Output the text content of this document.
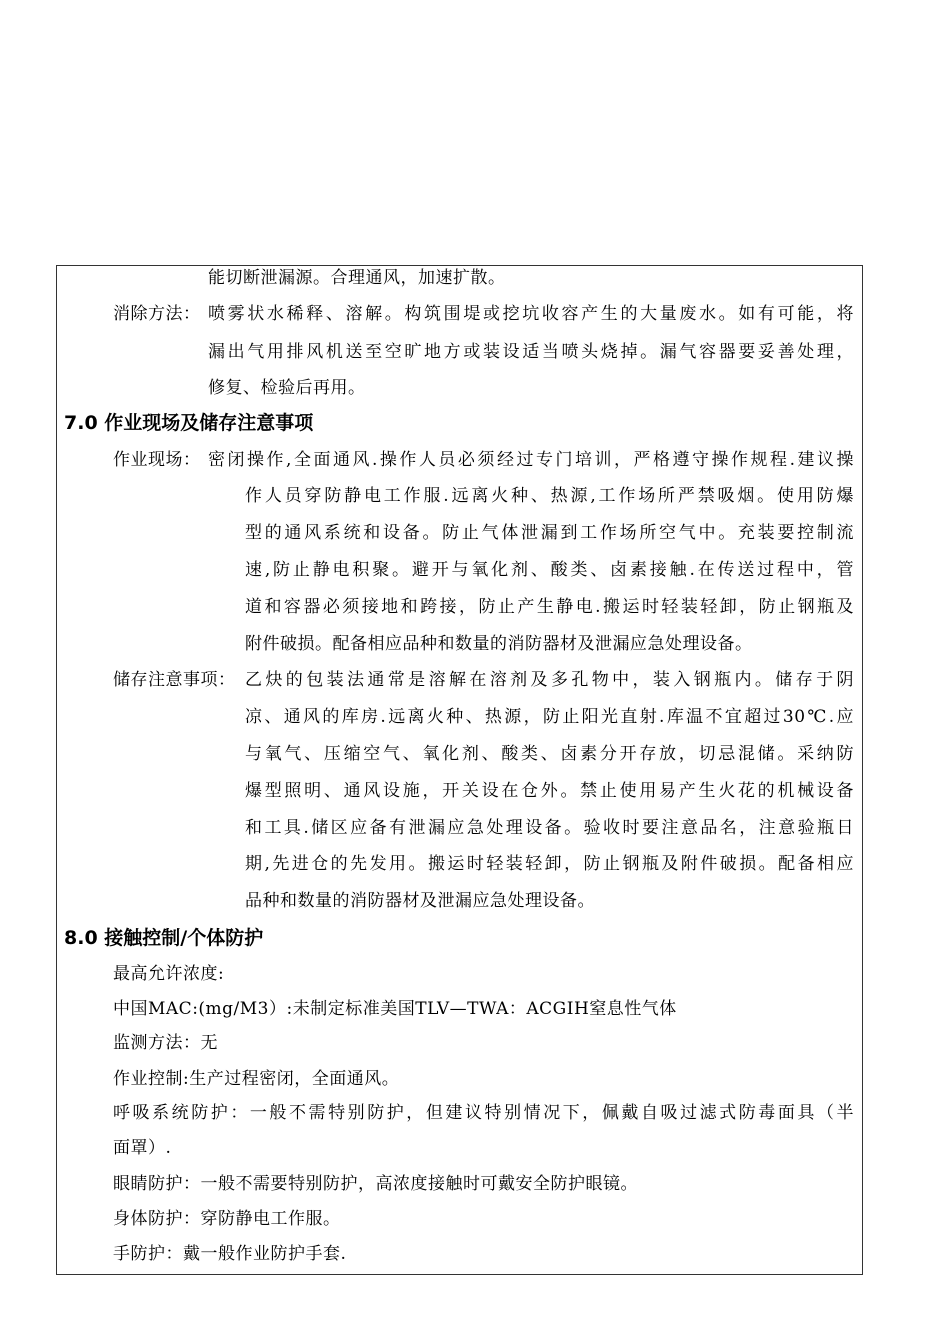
能切断泄漏源。合理通风，加速扩散。
消除方法： 喷雾状水稀释、溶解。构筑围堤或挖坑收容产生的大量废水。如有可能，将
漏出气用排风机送至空旷地方或装设适当喷头烧掉。漏气容器要妥善处理，
修复、检验后再用。
7.0 作业现场及储存注意事项
作业现场： 密闭操作,全面通风.操作人员必须经过专门培训，严格遵守操作规程.建议操
作人员穿防静电工作服.远离火种、热源,工作场所严禁吸烟。使用防爆
型的通风系统和设备。防止气体泄漏到工作场所空气中。充装要控制流
速,防止静电积聚。避开与氧化剂、酸类、卤素接触.在传送过程中，管
道和容器必须接地和跨接，防止产生静电.搬运时轻装轻卸，防止钢瓶及
附件破损。配备相应品种和数量的消防器材及泄漏应急处理设备。
储存注意事项： 乙炔的包装法通常是溶解在溶剂及多孔物中，装入钢瓶内。储存于阴
凉、通风的库房.远离火种、热源，防止阳光直射.库温不宜超过30℃.应
与氧气、压缩空气、氧化剂、酸类、卤素分开存放，切忌混储。采纳防
爆型照明、通风设施，开关设在仓外。禁止使用易产生火花的机械设备
和工具.储区应备有泄漏应急处理设备。验收时要注意品名，注意验瓶日
期,先进仓的先发用。搬运时轻装轻卸，防止钢瓶及附件破损。配备相应
品种和数量的消防器材及泄漏应急处理设备。
8.0 接触控制/个体防护
最高允许浓度:
中国MAC:(mg/M3）:未制定标准美国TLV—TWA：ACGIH窒息性气体
监测方法：无
作业控制:生产过程密闭，全面通风。
呼吸系统防护：一般不需特别防护，但建议特别情况下，佩戴自吸过滤式防毒面具（半
面罩）.
眼睛防护：一般不需要特别防护，高浓度接触时可戴安全防护眼镜。
身体防护：穿防静电工作服。
手防护：戴一般作业防护手套.
